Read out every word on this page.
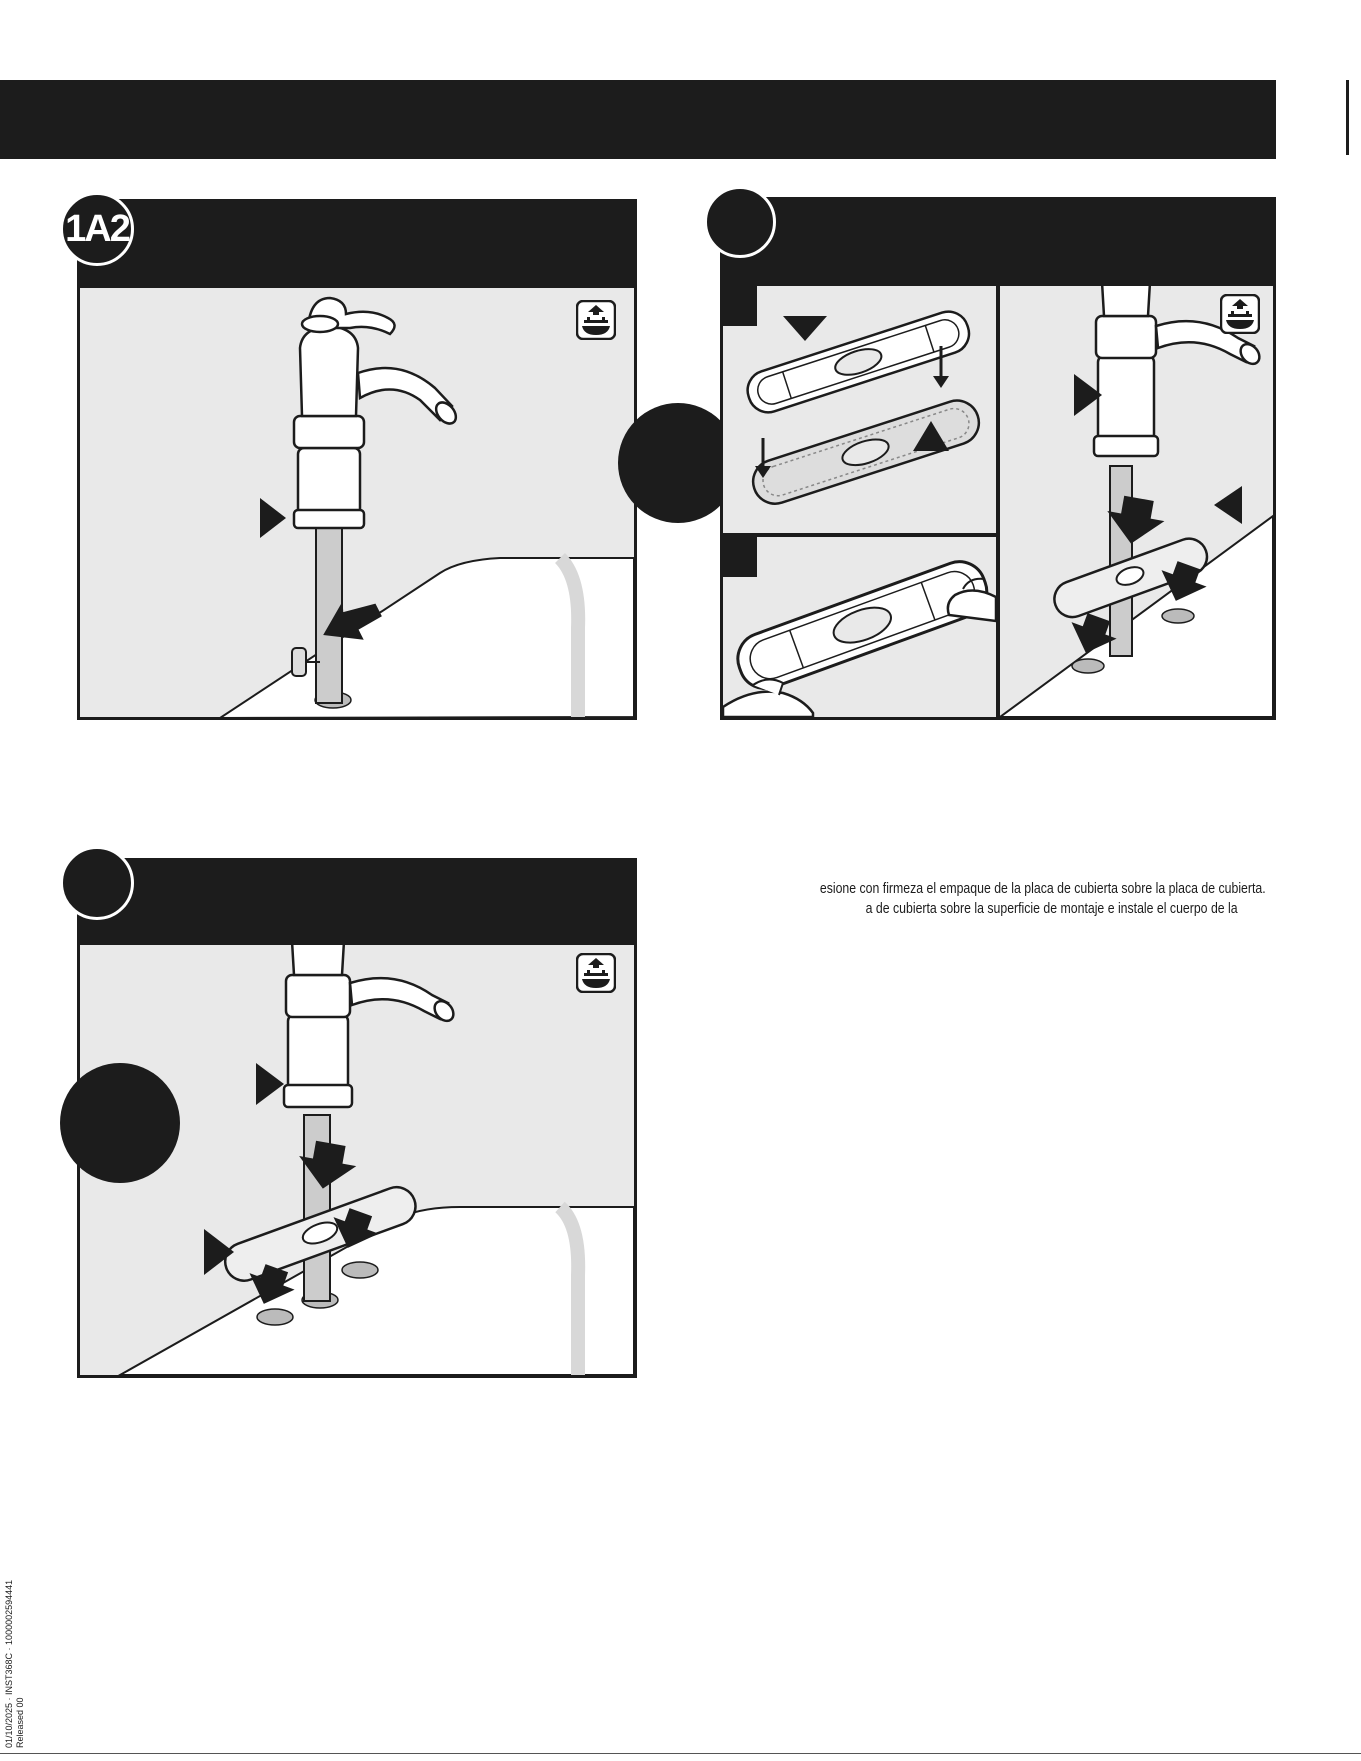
1A2
esione con firmeza el empaque de la placa de cubierta sobre la placa de cubierta.
a de cubierta sobre la superficie de montaje e instale el cuerpo de la
01/10/2025 · INST368C · 1000002594441 Released 00
